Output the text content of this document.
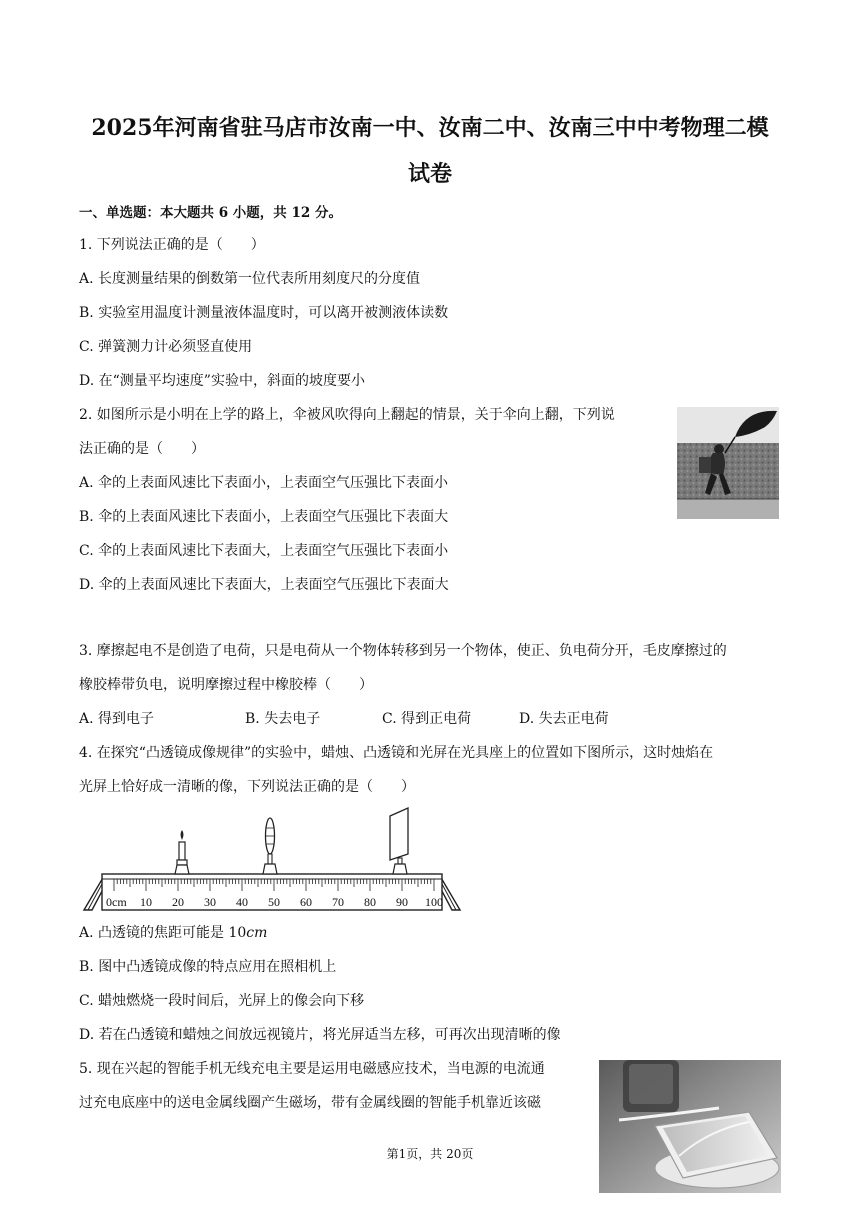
2025年河南省驻马店市汝南一中、汝南二中、汝南三中中考物理二模
试卷
一、单选题：本大题共 6 小题，共 12 分。
1. 下列说法正确的是（　　）
A. 长度测量结果的倒数第一位代表所用刻度尺的分度值
B. 实验室用温度计测量液体温度时，可以离开被测液体读数
C. 弹簧测力计必须竖直使用
D. 在“测量平均速度”实验中，斜面的坡度要小
2. 如图所示是小明在上学的路上，伞被风吹得向上翻起的情景，关于伞向上翻，下列说
法正确的是（　　）
A. 伞的上表面风速比下表面小，上表面空气压强比下表面小
B. 伞的上表面风速比下表面小，上表面空气压强比下表面大
C. 伞的上表面风速比下表面大，上表面空气压强比下表面小
D. 伞的上表面风速比下表面大，上表面空气压强比下表面大
3. 摩擦起电不是创造了电荷，只是电荷从一个物体转移到另一个物体，使正、负电荷分开，毛皮摩擦过的
橡胶棒带负电，说明摩擦过程中橡胶棒（　　）
A. 得到电子	B. 失去电子	C. 得到正电荷	D. 失去正电荷
4. 在探究“凸透镜成像规律”的实验中，蜡烛、凸透镜和光屏在光具座上的位置如下图所示，这时烛焰在
光屏上恰好成一清晰的像，下列说法正确的是（　　）
0cm 10 20 30 40 50 60 70 80 90 100
A. 凸透镜的焦距可能是 10cm
B. 图中凸透镜成像的特点应用在照相机上
C. 蜡烛燃烧一段时间后，光屏上的像会向下移
D. 若在凸透镜和蜡烛之间放远视镜片，将光屏适当左移，可再次出现清晰的像
5. 现在兴起的智能手机无线充电主要是运用电磁感应技术，当电源的电流通
过充电底座中的送电金属线圈产生磁场，带有金属线圈的智能手机靠近该磁
第1页，共 20页
